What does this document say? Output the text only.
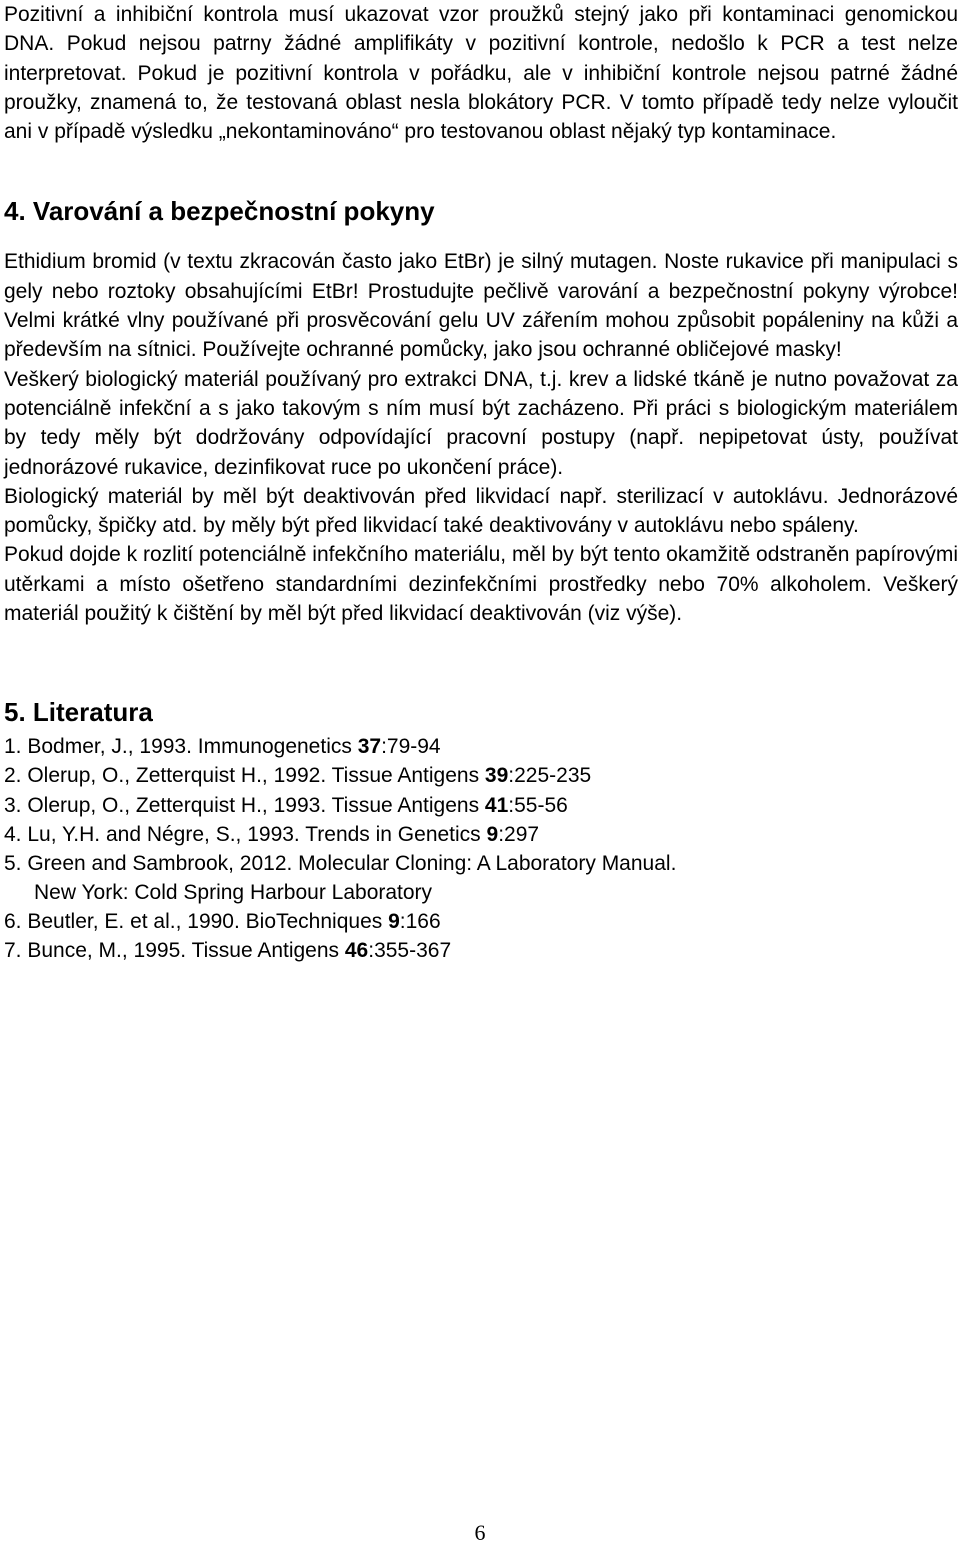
Pozitivní a inhibiční kontrola musí ukazovat vzor proužků stejný jako při kontaminaci genomickou DNA. Pokud nejsou patrny žádné amplifikáty v pozitivní kontrole, nedošlo k PCR a test nelze interpretovat. Pokud je pozitivní kontrola v pořádku, ale v inhibiční kontrole nejsou patrné žádné proužky, znamená to, že testovaná oblast nesla blokátory PCR. V tomto případě tedy nelze vyloučit ani v případě výsledku „nekontaminováno“ pro testovanou oblast nějaký typ kontaminace.

4. Varování a bezpečnostní pokyny

Ethidium bromid (v textu zkracován často jako EtBr) je silný mutagen. Noste rukavice při manipulaci s gely nebo roztoky obsahujícími EtBr! Prostudujte pečlivě varování a bezpečnostní pokyny výrobce! Velmi krátké vlny používané při prosvěcování gelu UV zářením mohou způsobit popáleniny na kůži a především na sítnici. Používejte ochranné pomůcky, jako jsou ochranné obličejové masky!

Veškerý biologický materiál používaný pro extrakci DNA, t.j. krev a lidské tkáně je nutno považovat za potenciálně infekční a s jako takovým s ním musí být zacházeno. Při práci s biologickým materiálem by tedy měly být dodržovány odpovídající pracovní postupy (např. nepipetovat ústy, používat jednorázové rukavice, dezinfikovat ruce po ukončení práce).

Biologický materiál by měl být deaktivován před likvidací např. sterilizací v autoklávu. Jednorázové pomůcky, špičky atd. by měly být před likvidací také deaktivovány v autoklávu nebo spáleny.

Pokud dojde k rozlití potenciálně infekčního materiálu, měl by být tento okamžitě odstraněn papírovými utěrkami a místo ošetřeno standardními dezinfekčními prostředky nebo 70% alkoholem. Veškerý materiál použitý k čištění by měl být před likvidací deaktivován (viz výše).

5. Literatura
1. Bodmer, J., 1993. Immunogenetics 37:79-94
2. Olerup, O., Zetterquist H., 1992. Tissue Antigens 39:225-235
3. Olerup, O., Zetterquist H., 1993. Tissue Antigens 41:55-56
4. Lu, Y.H. and Négre, S., 1993. Trends in Genetics 9:297
5. Green and Sambrook, 2012. Molecular Cloning: A Laboratory Manual.
New York: Cold Spring Harbour Laboratory
6. Beutler, E. et al., 1990. BioTechniques 9:166
7. Bunce, M., 1995. Tissue Antigens 46:355-367
6
